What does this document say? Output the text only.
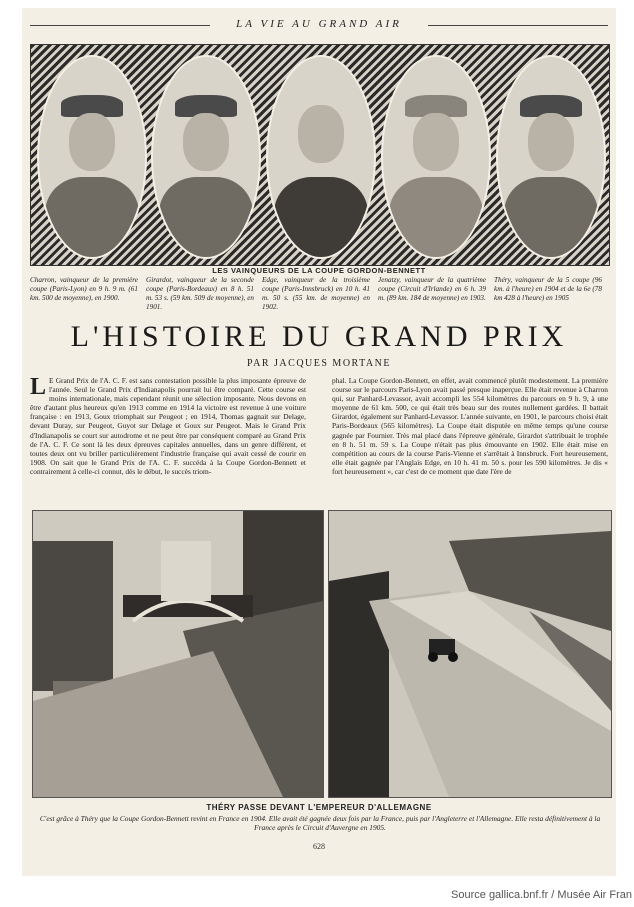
LA VIE AU GRAND AIR
LES VAINQUEURS DE LA COUPE GORDON-BENNETT
Charron, vainqueur de la première coupe (Paris-Lyon) en 9 h. 9 m. (61 km. 500 de moyenne), en 1900.
Girardot, vainqueur de la seconde coupe (Paris-Bordeaux) en 8 h. 51 m. 53 s. (59 km. 509 de moyenne), en 1901.
Edge, vainqueur de la troisième coupe (Paris-Innsbruck) en 10 h. 41 m. 50 s. (55 km. de moyenne) en 1902.
Jenatzy, vainqueur de la quatrième coupe (Circuit d'Irlande) en 6 h. 39 m. (89 km. 184 de moyenne) en 1903.
Théry, vainqueur de la 5 coupe (96 km. à l'heure) en 1904 et de la 6e (78 km 428 à l'heure) en 1905
L'HISTOIRE DU GRAND PRIX
PAR JACQUES MORTANE
L E Grand Prix de l'A. C. F. est sans contestation possible la plus imposante épreuve de l'année. Seul le Grand Prix d'Indianapolis pourrait lui être comparé. Cette course est moins internationale, mais cependant réunit une sélection imposante. Nous devons en être d'autant plus heureux qu'en 1913 comme en 1914 la victoire est revenue à une voiture française : en 1913, Goux triomphait sur Peugeot ; en 1914, Thomas gagnait sur Delage, devant Duray, sur Peugeot, Guyot sur Delage et Goux sur Peugeot. Mais le Grand Prix d'Indianapolis se court sur autodrome et ne peut être par conséquent comparé au Grand Prix de l'A. C. F. Ce sont là les deux épreuves capitales annuelles, dans un genre différent, et toutes deux ont vu briller particulièrement l'industrie française qui avait cessé de courir en 1908. On sait que le Grand Prix de l'A. C. F. succéda à la Coupe Gordon-Bennett et contrairement à celle-ci connut, dès le début, le succès triom-
phal. La Coupe Gordon-Bennett, en effet, avait commencé plutôt modestement. La première course sur le parcours Paris-Lyon avait passé presque inaperçue. Elle était revenue à Charron qui, sur Panhard-Levassor, avait accompli les 554 kilomètres du parcours en 9 h. 9, à une moyenne de 61 km. 500, ce qui était très beau sur des routes nullement gardées. Il battait Girardot, également sur Panhard-Levassor. L'année suivante, en 1901, le parcours choisi était Paris-Bordeaux (565 kilomètres). La Coupe était disputée en même temps qu'une course gagnée par Fournier. Très mal placé dans l'épreuve générale, Girardot s'attribuait le trophée en 8 h. 51 m. 59 s. La Coupe n'était pas plus émouvante en 1902. Elle était mise en compétition au cours de la course Paris-Vienne et s'arrêtait à Innsbruck. Fort heureusement, elle était gagnée par l'Anglais Edge, en 10 h. 41 m. 50 s. pour les 590 kilomètres. Je dis « fort heureusement », car c'est de ce moment que date l'ère de
THÉRY PASSE DEVANT L'EMPEREUR D'ALLEMAGNE
C'est grâce à Théry que la Coupe Gordon-Bennett revint en France en 1904. Elle avait été gagnée deux fois par la France, puis par l'Angleterre et l'Allemagne. Elle resta définitivement à la France après le Circuit d'Auvergne en 1905.
628
Source gallica.bnf.fr / Musée Air Fran
